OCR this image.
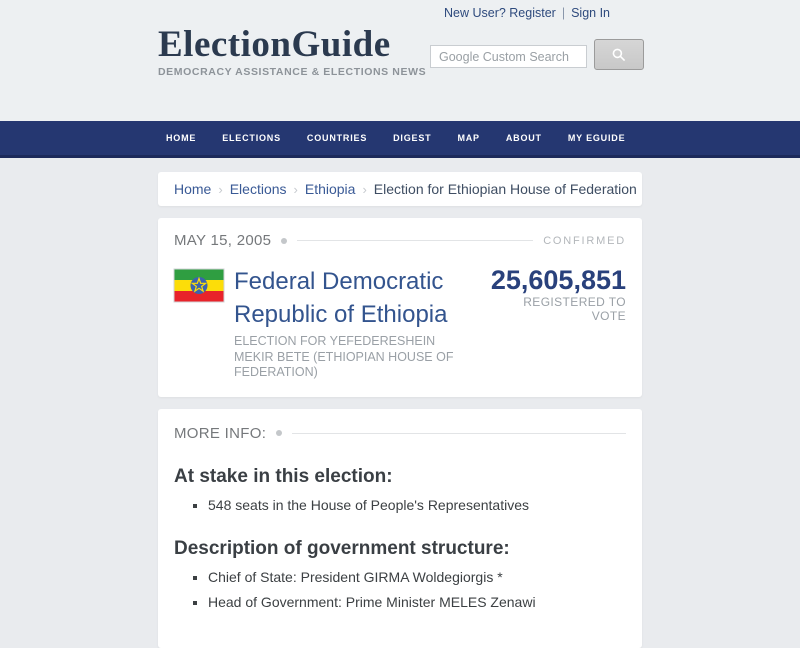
New User? Register | Sign In
ElectionGuide
DEMOCRACY ASSISTANCE & ELECTIONS NEWS
Google Custom Search
HOME	ELECTIONS	COUNTRIES	DIGEST	MAP	ABOUT	MY EGUIDE
Home › Elections › Ethiopia › Election for Ethiopian House of Federation
MAY 15, 2005	CONFIRMED
Federal Democratic Republic of Ethiopia
ELECTION FOR YEFEDERESHEIN MEKIR BETE (ETHIOPIAN HOUSE OF FEDERATION)
25,605,851
REGISTERED TO VOTE
MORE INFO:
At stake in this election:
▪ 548 seats in the House of People's Representatives
Description of government structure:
▪ Chief of State: President GIRMA Woldegiorgis *
▪ Head of Government: Prime Minister MELES Zenawi
